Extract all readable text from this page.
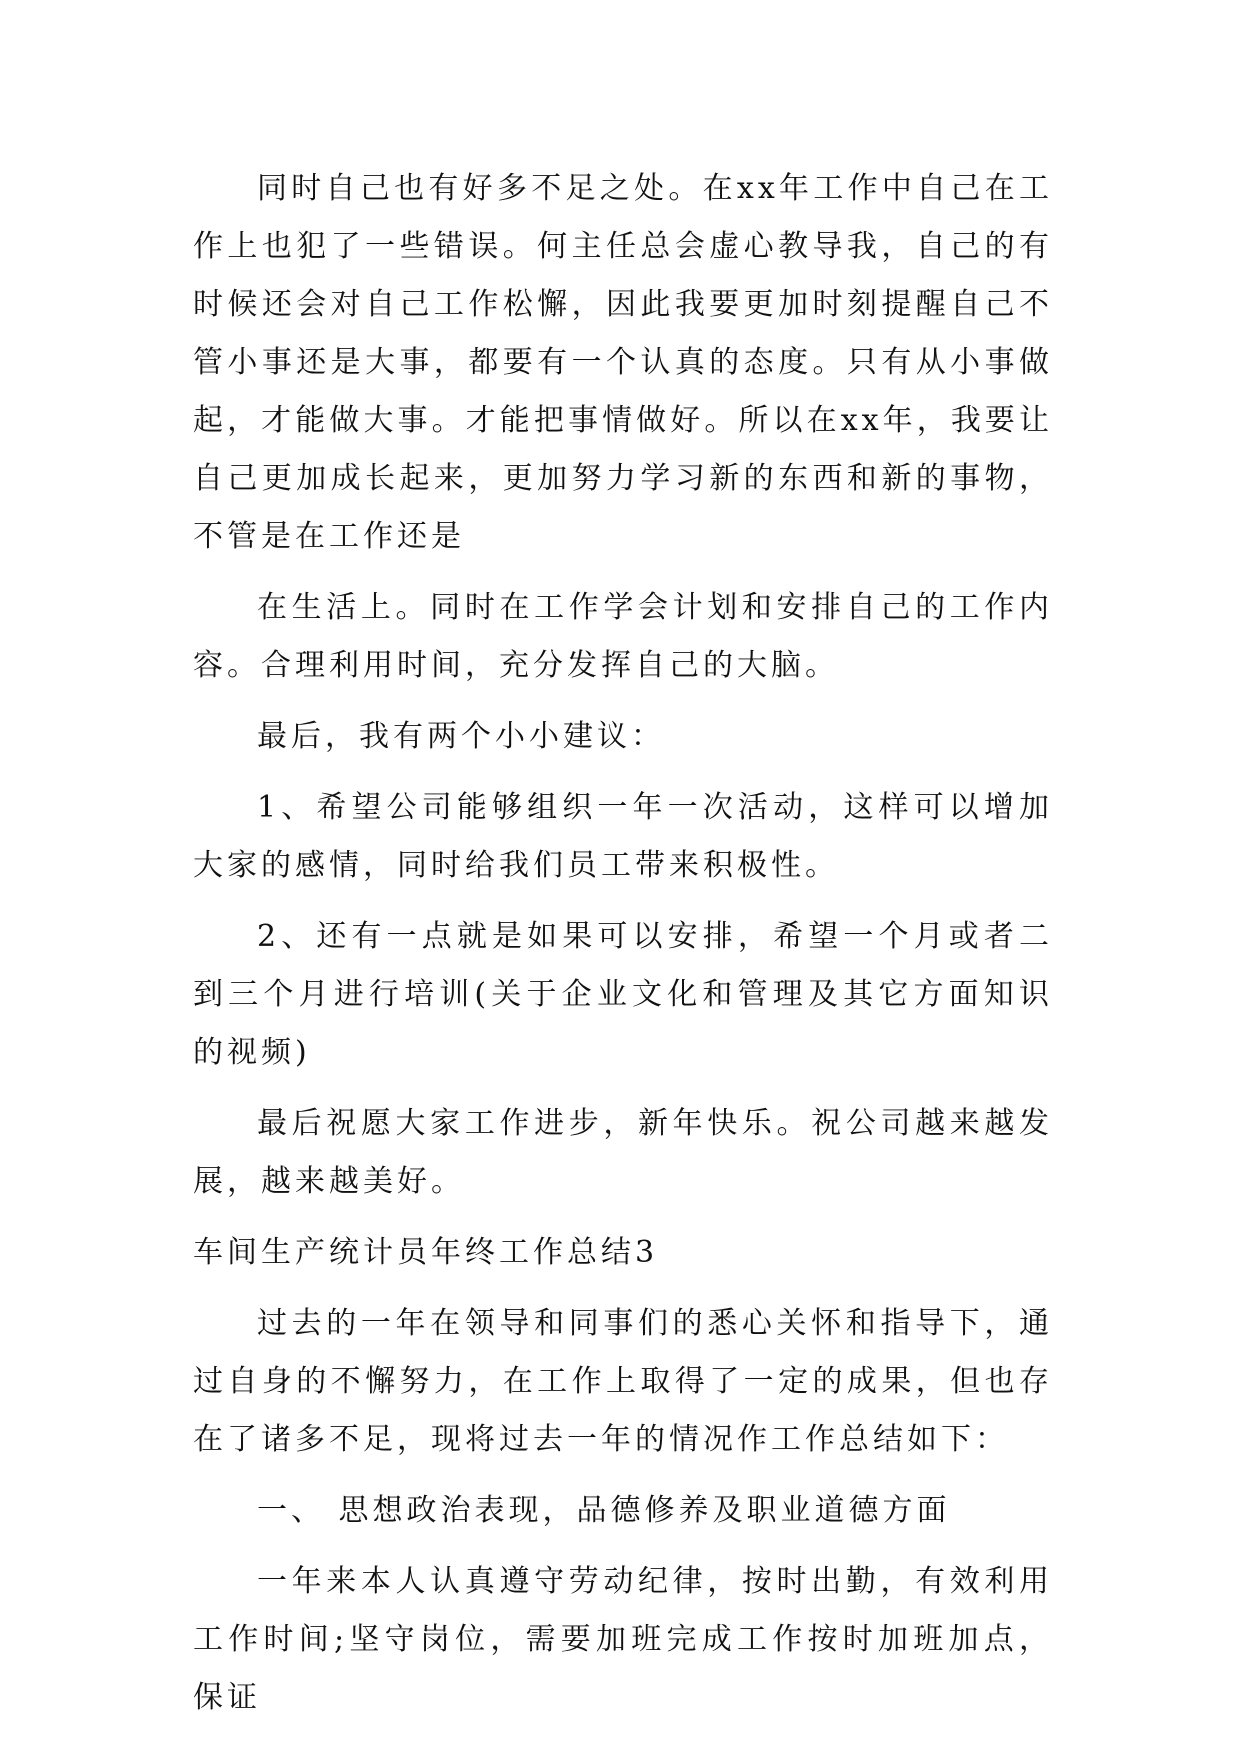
同时自己也有好多不足之处。在xx年工作中自己在工作上也犯了一些错误。何主任总会虚心教导我，自己的有时候还会对自己工作松懈，因此我要更加时刻提醒自己不管小事还是大事，都要有一个认真的态度。只有从小事做起，才能做大事。才能把事情做好。所以在xx年，我要让自己更加成长起来，更加努力学习新的东西和新的事物，不管是在工作还是

在生活上。同时在工作学会计划和安排自己的工作内容。合理利用时间，充分发挥自己的大脑。

最后，我有两个小小建议：

1、希望公司能够组织一年一次活动，这样可以增加大家的感情，同时给我们员工带来积极性。

2、还有一点就是如果可以安排，希望一个月或者二到三个月进行培训(关于企业文化和管理及其它方面知识的视频)

最后祝愿大家工作进步，新年快乐。祝公司越来越发展，越来越美好。

车间生产统计员年终工作总结3

过去的一年在领导和同事们的悉心关怀和指导下，通过自身的不懈努力，在工作上取得了一定的成果，但也存在了诸多不足，现将过去一年的情况作工作总结如下：

一、 思想政治表现，品德修养及职业道德方面

一年来本人认真遵守劳动纪律，按时出勤，有效利用工作时间;坚守岗位，需要加班完成工作按时加班加点，保证
